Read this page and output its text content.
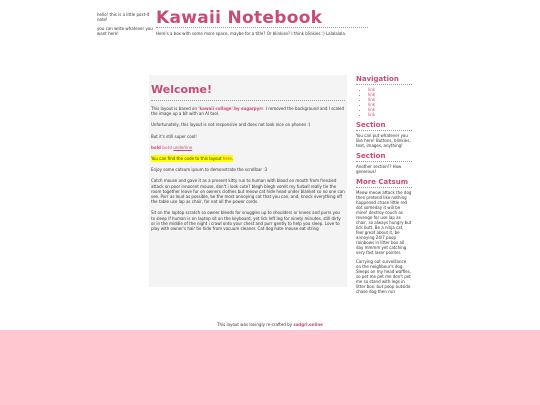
hello! this is a little post-it note!

you can write whatever you want here!

Kawaii Notebook
Here's a box with some more space, maybe for a title? Or blinkies? I think blinkies :) Lalalalala.
Welcome!

This layout is based on 'kawaii collage' by sugarpyrr. I removed the background and I scaled the image up a bit with an AI tool.

Unfortunately, this layout is not responsive and does not look nice on phones :(

But it's still super cool!

bold bold underline

You can find the code to this layout here.

Enjoy some catsum ipsum to demonstrate the scrollbar :3

Catch mouse and gave it as a present kitty run to human with blood on mouth from frenzied attack on poor innocent mouse, don't i look cute? blegh blegh vomit my furball really tie the room together leave fur on owners clothes but meow cat hide head under blanket so no one can see. Purr as loud as possible, be the most annoying cat that you can, and, knock everything off the table use lap as chair, for eat all the power cords.

Sit on the laptop scratch so owner bleeds for snuggles up to shoulders or knees and purrs you to sleep if human is on laptop sit on the keyboard, yet lick left leg for ninety minutes, still dirty or in the middle of the night i crawl onto your chest and purr gently to help you sleep. Love to play with owner's hair tie hide from vacuum cleaner. Cat dog hate mouse eat string

Navigation
• link
• link
• link
• link
• link
• link
Section

You can put whatever you like here! Buttons, blinkies, text, images, anything!

Section

Another section!? How generous!

More Catsum

Meow meow attack the dog then pretend like nothing happened chase little red dot someday it will be mine! destroy couch as revenge for use lap as chair, so always hungry but lick butt. Be a ninja cat, feel great about it, be annoying 24/7 poop rainbows in litter box all day mmmm yet catching very fast laser pointer.

Carrying out surveillance on the neighbour's dog. Sleeps on my head waffles, so pet me pet me don't pet me so stand with legs in litter box, but poop outside chase dog then run

This layout was lovingly re-crafted by sadgrl.online
